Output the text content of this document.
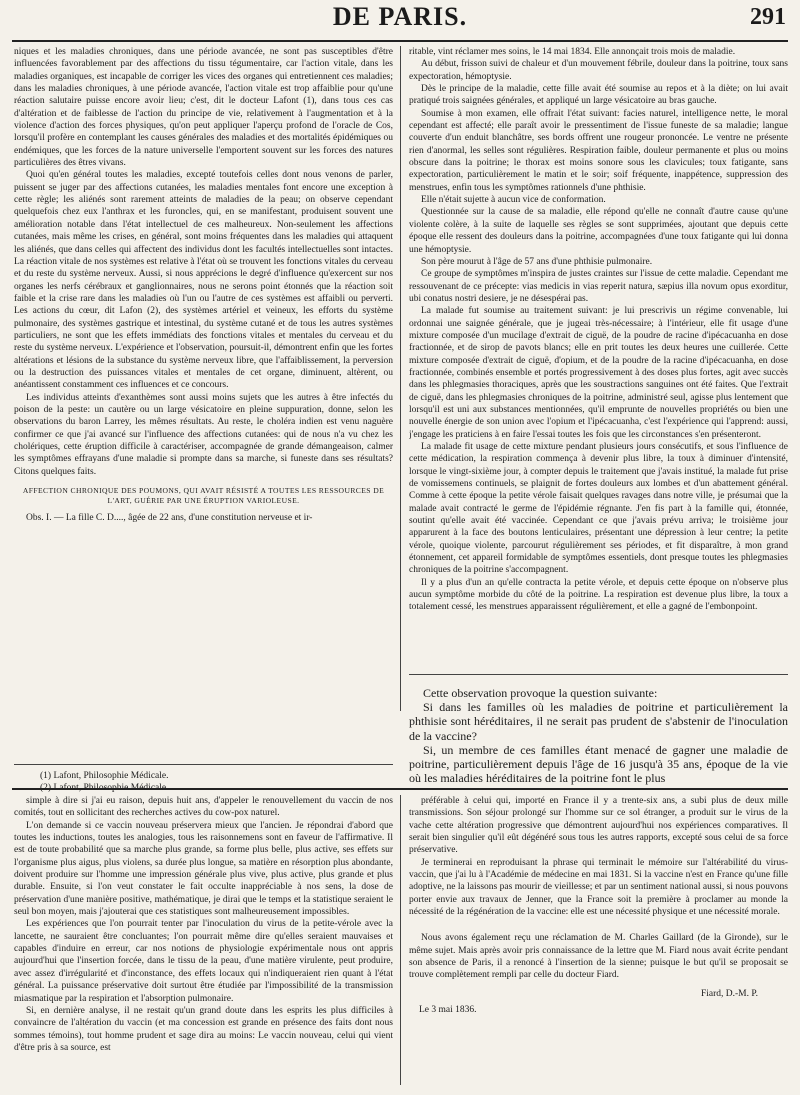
DE PARIS.	291

niques et les maladies chroniques, dans une période avancée, ne sont pas susceptibles d'être influencées favorablement par des affections du tissu tégumentaire, car l'action vitale, dans les maladies organiques, est incapable de corriger les vices des organes qui entretiennent ces maladies; dans les maladies chroniques, à une période avancée, l'action vitale est trop affaiblie pour qu'une réaction salutaire puisse encore avoir lieu; c'est, dit le docteur Lafont (1), dans tous ces cas d'altération et de faiblesse de l'action du principe de vie, relativement à l'augmentation et à la violence d'action des forces physiques, qu'on peut appliquer l'aperçu profond de l'oracle de Cos, lorsqu'il profère en contemplant les causes générales des maladies et des mortalités épidémiques ou endémiques, que les forces de la nature universelle l'emportent souvent sur les forces des natures particulières des êtres vivans.

Quoi qu'en général toutes les maladies, excepté toutefois celles dont nous venons de parler, puissent se juger par des affections cutanées, les maladies mentales font encore une exception à cette règle; les aliénés sont rarement atteints de maladies de la peau; on observe cependant quelquefois chez eux l'anthrax et les furoncles, qui, en se manifestant, produisent souvent une amélioration notable dans l'état intellectuel de ces malheureux. Non-seulement les affections cutanées, mais même les crises, en général, sont moins fréquentes dans les maladies qui attaquent les aliénés, que dans celles qui affectent des individus dont les facultés intellectuelles sont intactes. La réaction vitale de nos systèmes est relative à l'état où se trouvent les fonctions vitales du cerveau et du reste du système nerveux. Aussi, si nous apprécions le degré d'influence qu'exercent sur nos organes les nerfs cérébraux et ganglionnaires, nous ne serons point étonnés que la réaction soit faible et la crise rare dans les maladies où l'un ou l'autre de ces systèmes est affaibli ou perverti. Les actions du cœur, dit Lafon (2), des systèmes artériel et veineux, les efforts du système pulmonaire, des systèmes gastrique et intestinal, du système cutané et de tous les autres systèmes particuliers, ne sont que les effets immédiats des fonctions vitales et mentales du cerveau et du reste du système nerveux. L'expérience et l'observation, poursuit-il, démontrent enfin que les fortes altérations et lésions de la substance du système nerveux libre, que l'affaiblissement, la perversion ou la destruction des puissances vitales et mentales de cet organe, diminuent, altèrent, ou anéantissent constamment ces influences et ce concours.

Les individus atteints d'exanthèmes sont aussi moins sujets que les autres à être infectés du poison de la peste: un cautère ou un large vésicatoire en pleine suppuration, donne, selon les observations du baron Larrey, les mêmes résultats. Au reste, le choléra indien est venu naguère confirmer ce que j'ai avancé sur l'influence des affections cutanées: qui de nous n'a vu chez les cholériques, cette éruption difficile à caractériser, accompagnée de grande démangeaison, calmer les symptômes effrayans d'une maladie si prompte dans sa marche, si funeste dans ses résultats? Citons quelques faits.

AFFECTION CHRONIQUE DES POUMONS, QUI AVAIT RÉSISTÉ A TOUTES LES RESSOURCES DE L'ART, GUÉRIE PAR UNE ÉRUPTION VARIOLEUSE.

Obs. I. — La fille C. D...., âgée de 22 ans, d'une constitution nerveuse et ir-

ritable, vint réclamer mes soins, le 14 mai 1834. Elle annonçait trois mois de maladie.

Au début, frisson suivi de chaleur et d'un mouvement fébrile, douleur dans la poitrine, toux sans expectoration, hémoptysie.

Dès le principe de la maladie, cette fille avait été soumise au repos et à la diète; on lui avait pratiqué trois saignées générales, et appliqué un large vésicatoire au bras gauche.

Soumise à mon examen, elle offrait l'état suivant: facies naturel, intelligence nette, le moral cependant est affecté; elle paraît avoir le pressentiment de l'issue funeste de sa maladie; langue couverte d'un enduit blanchâtre, ses bords offrent une rougeur prononcée. Le ventre ne présente rien d'anormal, les selles sont régulières. Respiration faible, douleur permanente et plus ou moins obscure dans la poitrine; le thorax est moins sonore sous les clavicules; toux fatigante, sans expectoration, particulièrement le matin et le soir; soif fréquente, inappétence, suppression des menstrues, enfin tous les symptômes rationnels d'une phthisie.

Elle n'était sujette à aucun vice de conformation.

Questionnée sur la cause de sa maladie, elle répond qu'elle ne connaît d'autre cause qu'une violente colère, à la suite de laquelle ses règles se sont supprimées, ajoutant que depuis cette époque elle ressent des douleurs dans la poitrine, accompagnées d'une toux fatigante qui lui donna une hémoptysie.

Son père mourut à l'âge de 57 ans d'une phthisie pulmonaire.

Ce groupe de symptômes m'inspira de justes craintes sur l'issue de cette maladie. Cependant me ressouvenant de ce précepte: vias medicis in vias reperit natura, sæpius illa novum opus exorditur, ubi conatus nostri desiere, je ne désespérai pas.

La malade fut soumise au traitement suivant: je lui prescrivis un régime convenable, lui ordonnai une saignée générale, que je jugeai très-nécessaire; à l'intérieur, elle fit usage d'une mixture composée d'un mucilage d'extrait de ciguë, de la poudre de racine d'ipécacuanha en dose fractionnée, et de sirop de pavots blancs; elle en prit toutes les deux heures une cuillerée. Cette mixture composée d'extrait de ciguë, d'opium, et de la poudre de la racine d'ipécacuanha, en dose fractionnée, combinés ensemble et portés progressivement à des doses plus fortes, agit avec succès dans les phlegmasies thoraciques, après que les soustractions sanguines ont été faites. Que l'extrait de ciguë, dans les phlegmasies chroniques de la poitrine, administré seul, agisse plus lentement que lorsqu'il est uni aux substances mentionnées, qu'il emprunte de nouvelles propriétés ou bien une nouvelle énergie de son union avec l'opium et l'ipécacuanha, c'est l'expérience qui l'apprend: aussi, j'engage les praticiens à en faire l'essai toutes les fois que les circonstances s'en présenteront.

La malade fit usage de cette mixture pendant plusieurs jours consécutifs, et sous l'influence de cette médication, la respiration commença à devenir plus libre, la toux à diminuer d'intensité, lorsque le vingt-sixième jour, à compter depuis le traitement que j'avais institué, la malade fut prise de vomissemens continuels, se plaignit de fortes douleurs aux lombes et d'un abattement général. Comme à cette époque la petite vérole faisait quelques ravages dans notre ville, je présumai que la malade avait contracté le germe de l'épidémie régnante. J'en fis part à la famille qui, étonnée, soutint qu'elle avait été vaccinée. Cependant ce que j'avais prévu arriva; le troisième jour apparurent à la face des boutons lenticulaires, présentant une dépression à leur centre; la petite vérole, quoique violente, parcourut régulièrement ses périodes, et fit disparaître, à mon grand étonnement, cet appareil formidable de symptômes essentiels, dont presque toutes les phlegmasies chroniques de la poitrine s'accompagnent.

Il y a plus d'un an qu'elle contracta la petite vérole, et depuis cette époque on n'observe plus aucun symptôme morbide du côté de la poitrine. La respiration est devenue plus libre, la toux a totalement cessé, les menstrues apparaissent régulièrement, et elle a gagné de l'embonpoint.

(1) Lafont, Philosophie Médicale.
(2) Lafont, Philosophie Médicale.

Cette observation provoque la question suivante:

Si dans les familles où les maladies de poitrine et particulièrement la phthisie sont héréditaires, il ne serait pas prudent de s'abstenir de l'inoculation de la vaccine?

Si, un membre de ces familles étant menacé de gagner une maladie de poitrine, particulièrement depuis l'âge de 16 jusqu'à 35 ans, époque de la vie où les maladies héréditaires de la poitrine font le plus

simple à dire si j'ai eu raison, depuis huit ans, d'appeler le renouvellement du vaccin de nos comités, tout en sollicitant des recherches actives du cow-pox naturel.

L'on demande si ce vaccin nouveau préservera mieux que l'ancien. Je répondrai d'abord que toutes les inductions, toutes les analogies, tous les raisonnemens sont en faveur de l'affirmative. Il est de toute probabilité que sa marche plus grande, sa forme plus belle, plus active, ses effets sur l'organisme plus aigus, plus violens, sa durée plus longue, sa matière en résorption plus abondante, doivent produire sur l'homme une impression générale plus vive, plus active, plus grande et plus durable. Ensuite, si l'on veut constater le fait occulte inappréciable à nos sens, la dose de préservation d'une manière positive, mathématique, je dirai que le temps et la statistique seraient le seul bon moyen, mais j'ajouterai que ces statistiques sont malheureusement impossibles.

Les expériences que l'on pourrait tenter par l'inoculation du virus de la petite-vérole avec la lancette, ne sauraient être concluantes; l'on pourrait même dire qu'elles seraient mauvaises et capables d'induire en erreur, car nos notions de physiologie expérimentale nous ont appris aujourd'hui que l'insertion forcée, dans le tissu de la peau, d'une matière virulente, peut produire, avec assez d'irrégularité et d'inconstance, des effets locaux qui n'indiqueraient rien quant à l'état général. La puissance préservative doit surtout être étudiée par l'impossibilité de la transmission miasmatique par la respiration et l'absorption pulmonaire.

Si, en dernière analyse, il ne restait qu'un grand doute dans les esprits les plus difficiles à convaincre de l'altération du vaccin (et ma concession est grande en présence des faits dont nous sommes témoins), tout homme prudent et sage dira au moins: Le vaccin nouveau, celui qui vient d'être pris à sa source, est

préférable à celui qui, importé en France il y a trente-six ans, a subi plus de deux mille transmissions. Son séjour prolongé sur l'homme sur ce sol étranger, a produit sur le virus de la vache cette altération progressive que démontrent aujourd'hui nos expériences comparatives. Il serait bien singulier qu'il eût dégénéré sous tous les autres rapports, excepté sous celui de sa force préservative.

Je terminerai en reproduisant la phrase qui terminait le mémoire sur l'altérabilité du virus-vaccin, que j'ai lu à l'Académie de médecine en mai 1831. Si la vaccine n'est en France qu'une fille adoptive, ne la laissons pas mourir de vieillesse; et par un sentiment national aussi, si nous pouvons porter envie aux travaux de Jenner, que la France soit la première à proclamer au monde la nécessité de la régénération de la vaccine: elle est une nécessité physique et une nécessité morale.

Nous avons également reçu une réclamation de M. Charles Gaillard (de la Gironde), sur le même sujet. Mais après avoir pris connaissance de la lettre que M. Fiard nous avait écrite pendant son absence de Paris, il a renoncé à l'insertion de la sienne; puisque le but qu'il se proposait se trouve complètement rempli par celle du docteur Fiard.

Fiard, D.-M. P.

Le 3 mai 1836.
